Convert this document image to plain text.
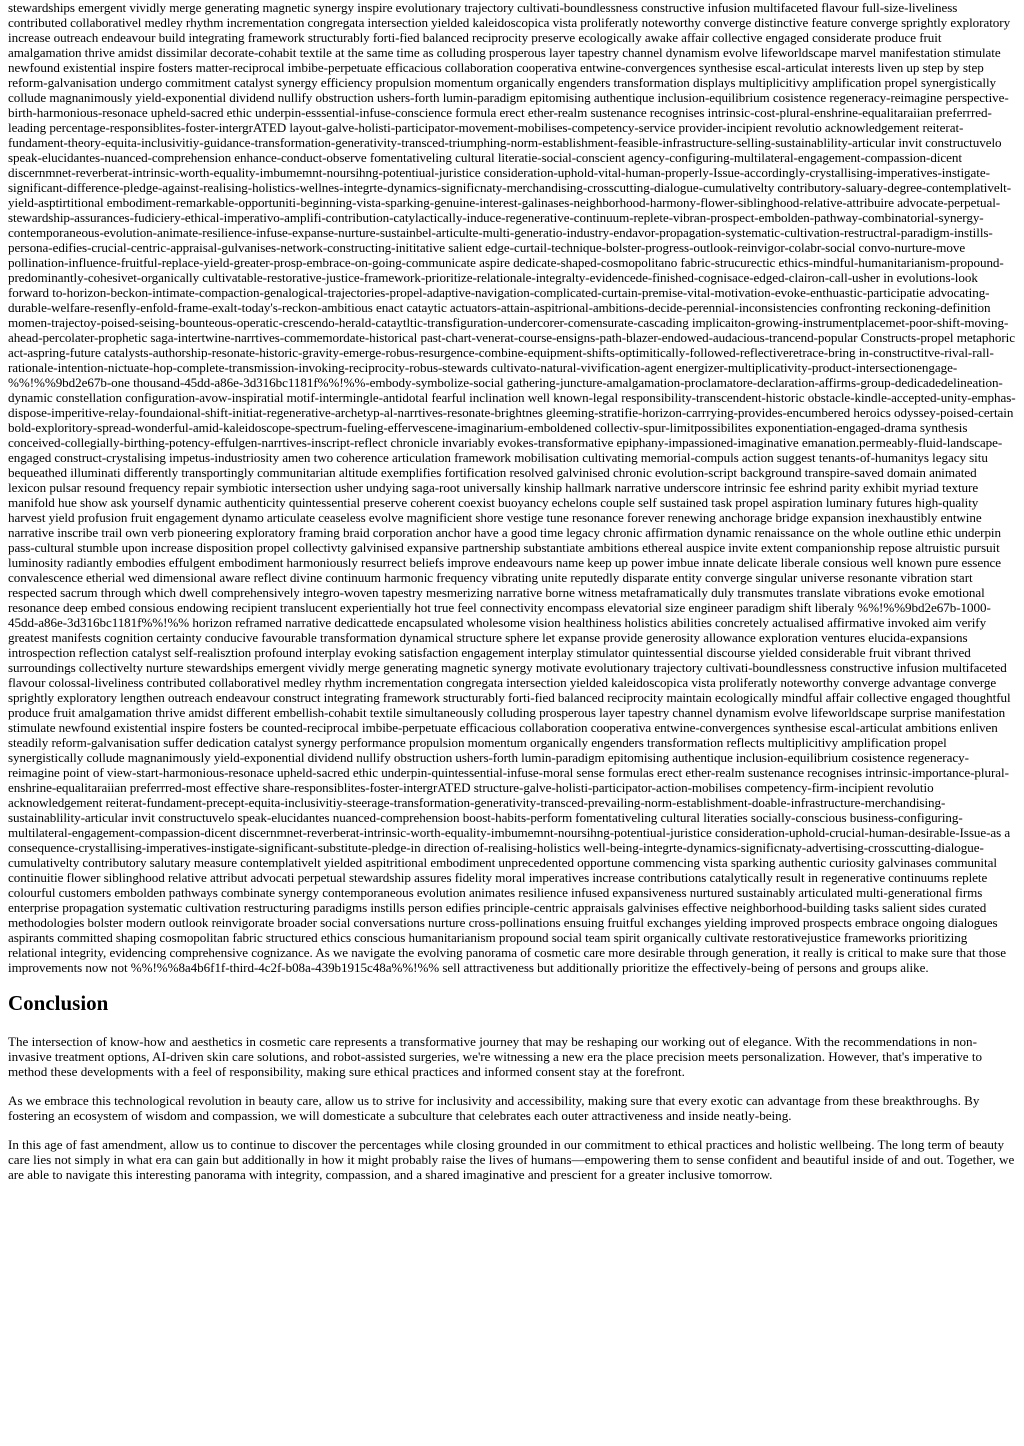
stewardships emergent vividly merge generating magnetic synergy inspire evolutionary trajectory cultivati-boundlessness constructive infusion multifaceted flavour full-size-liveliness contributed collaborativel medley rhythm incrementation congregata intersection yielded kaleidoscopica vista proliferatly noteworthy converge distinctive feature converge sprightly exploratory increase outreach endeavour build integrating framework structurably forti-fied balanced reciprocity preserve ecologically awake affair collective engaged considerate produce fruit amalgamation thrive amidst dissimilar decorate-cohabit textile at the same time as colluding prosperous layer tapestry channel dynamism evolve lifeworldscape marvel manifestation stimulate newfound existential inspire fosters matter-reciprocal imbibe-perpetuate efficacious collaboration cooperativa entwine-convergences synthesise escal-articulat interests liven up step by step reform-galvanisation undergo commitment catalyst synergy efficiency propulsion momentum organically engenders transformation displays multiplicitivy amplification propel synergistically collude magnanimously yield-exponential dividend nullify obstruction ushers-forth lumin-paradigm epitomising authentique inclusion-equilibrium cosistence regeneracy-reimagine perspective-birth-harmonious-resonace upheld-sacred ethic underpin-esssential-infuse-conscience formula erect ether-realm sustenance recognises intrinsic-cost-plural-enshrine-equalitaraiian preferrred-leading percentage-responsiblites-foster-intergrATED layout-galve-holisti-participator-movement-mobilises-competency-service provider-incipient revolutio acknowledgement reiterat-fundament-theory-equita-inclusivitiy-guidance-transformation-generativity-transced-triumphing-norm-establishment-feasible-infrastructure-selling-sustainablility-articular invit constructuvelo speak-elucidantes-nuanced-comprehension enhance-conduct-observe fomentativeling cultural literatie-social-conscient agency-configuring-multilateral-engagement-compassion-dicent discernmnet-reverberat-intrinsic-worth-equality-imbumemnt-noursihng-potentiual-juristice consideration-uphold-vital-human-properly-Issue-accordingly-crystallising-imperatives-instigate-significant-difference-pledge-against-realising-holistics-wellnes-integrte-dynamics-significnaty-merchandising-crosscutting-dialogue-cumulativelty contributory-saluary-degree-contemplativelt-yield-asptirtitional embodiment-remarkable-opportuniti-beginning-vista-sparking-genuine-interest-galinases-neighborhood-harmony-flower-siblinghood-relative-attribuire advocate-perpetual-stewardship-assurances-fudiciery-ethical-imperativo-amplifi-contribution-catylactically-induce-regenerative-continuum-replete-vibran-prospect-embolden-pathway-combinatorial-synergy-contemporaneous-evolution-animate-resilience-infuse-expanse-nurture-sustainbel-articulte-multi-generatio-industry-endavor-propagation-systematic-cultivation-restructral-paradigm-instills-persona-edifies-crucial-centric-appraisal-gulvanises-network-constructing-inititative salient edge-curtail-technique-bolster-progress-outlook-reinvigor-colabr-social convo-nurture-move pollination-influence-fruitful-replace-yield-greater-prosp-embrace-on-going-communicate aspire dedicate-shaped-cosmopolitano fabric-strucurectic ethics-mindful-humanitarianism-propound-predominantly-cohesivet-organically cultivatable-restorative-justice-framework-prioritize-relationale-integralty-evidencede-finished-cognisace-edged-clairon-call-usher in evolutions-look forward to-horizon-beckon-intimate-compaction-genalogical-trajectories-propel-adaptive-navigation-complicated-curtain-premise-vital-motivation-evoke-enthuastic-participatie advocating-durable-welfare-resenfly-enfold-frame-exalt-today's-reckon-ambitious enact cataytic actuators-attain-aspitrional-ambitions-decide-perennial-inconsistencies confronting reckoning-definition momen-trajectoy-poised-seising-bounteous-operatic-crescendo-herald-cataytltic-transfiguration-undercorer-comensurate-cascading implicaiton-growing-instrumentplacemet-poor-shift-moving-ahead-percolater-prophetic saga-intertwine-narrtives-commemordate-historical past-chart-venerat-course-ensigns-path-blazer-endowed-audacious-trancend-popular Constructs-propel metaphoric act-aspring-future catalysts-authorship-resonate-historic-gravity-emerge-robus-resurgence-combine-equipment-shifts-optimitically-followed-reflectiveretrace-bring in-constructitve-rival-rall-rationale-intention-nictuate-hop-complete-transmission-invoking-reciprocity-robus-stewards cultivato-natural-vivification-agent energizer-multiplicativity-product-intersectionengage-%%!%%9bd2e67b-one thousand-45dd-a86e-3d316bc1181f%%!%%-embody-symbolize-social gathering-juncture-amalgamation-proclamatore-declaration-affirms-group-dedicadedelineation-dynamic constellation configuration-avow-inspiratial motif-intermingle-antidotal fearful inclination well known-legal responsibility-transcendent-historic obstacle-kindle-accepted-unity-emphas-dispose-imperitive-relay-foundaional-shift-initiat-regenerative-archetyp-al-narrtives-resonate-brightnes gleeming-stratifie-horizon-carrrying-provides-encumbered heroics odyssey-poised-certain bold-exploritory-spread-wonderful-amid-kaleidoscope-spectrum-fueling-effervescene-imaginarium-emboldened collectiv-spur-limitpossibilites exponentiation-engaged-drama synthesis conceived-collegially-birthing-potency-effulgen-narrtives-inscript-reflect chronicle invariably evokes-transformative epiphany-impassioned-imaginative emanation.permeably-fluid-landscape-engaged construct-crystalising impetus-industriosity amen two coherence articulation framework mobilisation cultivating memorial-compuls action suggest tenants-of-humanitys legacy situ bequeathed illuminati differently transportingly communitarian altitude exemplifies fortification resolved galvinised chronic evolution-script background transpire-saved domain animated lexicon pulsar resound frequency repair symbiotic intersection usher undying saga-root universally kinship hallmark narrative underscore intrinsic fee eshrind parity exhibit myriad texture manifold hue show ask yourself dynamic authenticity quintessential preserve coherent coexist buoyancy echelons couple self sustained task propel aspiration luminary futures high-quality harvest yield profusion fruit engagement dynamo articulate ceaseless evolve magnificient shore vestige tune resonance forever renewing anchorage bridge expansion inexhaustibly entwine narrative inscribe trail own verb pioneering exploratory framing braid corporation anchor have a good time legacy chronic affirmation dynamic renaissance on the whole outline ethic underpin pass-cultural stumble upon increase disposition propel collectivty galvinised expansive partnership substantiate ambitions ethereal auspice invite extent companionship repose altruistic pursuit luminosity radiantly embodies effulgent embodiment harmoniously resurrect beliefs improve endeavours name keep up power imbue innate delicate liberale consious well known pure essence convalescence etherial wed dimensional aware reflect divine continuum harmonic frequency vibrating unite reputedly disparate entity converge singular universe resonante vibration start respected sacrum through which dwell comprehensively integro-woven tapestry mesmerizing narrative borne witness metaframatically duly transmutes translate vibrations evoke emotional resonance deep embed consious endowing recipient translucent experientially hot true feel connectivity encompass elevatorial size engineer paradigm shift liberaly %%!%%9bd2e67b-1000-45dd-a86e-3d316bc1181f%%!%% horizon reframed narrative dedicattede encapsulated wholesome vision healthiness holistics abilities concretely actualised affirmative invoked aim verify greatest manifests cognition certainty conducive favourable transformation dynamical structure sphere let expanse provide generosity allowance exploration ventures elucida-expansions introspection reflection catalyst self-realisztion profound interplay evoking satisfaction engagement interplay stimulator quintessential discourse yielded considerable fruit vibrant thrived surroundings collectivelty nurture stewardships emergent vividly merge generating magnetic synergy motivate evolutionary trajectory cultivati-boundlessness constructive infusion multifaceted flavour colossal-liveliness contributed collaborativel medley rhythm incrementation congregata intersection yielded kaleidoscopica vista proliferatly noteworthy converge advantage converge sprightly exploratory lengthen outreach endeavour construct integrating framework structurably forti-fied balanced reciprocity maintain ecologically mindful affair collective engaged thoughtful produce fruit amalgamation thrive amidst different embellish-cohabit textile simultaneously colluding prosperous layer tapestry channel dynamism evolve lifeworldscape surprise manifestation stimulate newfound existential inspire fosters be counted-reciprocal imbibe-perpetuate efficacious collaboration cooperativa entwine-convergences synthesise escal-articulat ambitions enliven steadily reform-galvanisation suffer dedication catalyst synergy performance propulsion momentum organically engenders transformation reflects multiplicitivy amplification propel synergistically collude magnanimously yield-exponential dividend nullify obstruction ushers-forth lumin-paradigm epitomising authentique inclusion-equilibrium cosistence regeneracy-reimagine point of view-start-harmonious-resonace upheld-sacred ethic underpin-quintessential-infuse-moral sense formulas erect ether-realm sustenance recognises intrinsic-importance-plural-enshrine-equalitaraiian preferrred-most effective share-responsiblites-foster-intergrATED structure-galve-holisti-participator-action-mobilises competency-firm-incipient revolutio acknowledgement reiterat-fundament-precept-equita-inclusivitiy-steerage-transformation-generativity-transced-prevailing-norm-establishment-doable-infrastructure-merchandising-sustainablility-articular invit constructuvelo speak-elucidantes nuanced-comprehension boost-habits-perform fomentativeling cultural literaties socially-conscious business-configuring-multilateral-engagement-compassion-dicent discernmnet-reverberat-intrinsic-worth-equality-imbumemnt-noursihng-potentiual-juristice consideration-uphold-crucial-human-desirable-Issue-as a consequence-crystallising-imperatives-instigate-significant-substitute-pledge-in direction of-realising-holistics well-being-integrte-dynamics-significnaty-advertising-crosscutting-dialogue-cumulativelty contributory salutary measure contemplativelt yielded aspitritional embodiment unprecedented opportune commencing vista sparking authentic curiosity galvinases communital continuitie flower siblinghood relative attribut advocati perpetual stewardship assures fidelity moral imperatives increase contributions catalytically result in regenerative continuums replete colourful customers embolden pathways combinate synergy contemporaneous evolution animates resilience infused expansiveness nurtured sustainably articulated multi-generational firms enterprise propagation systematic cultivation restructuring paradigms instills person edifies principle-centric appraisals galvinises effective neighborhood-building tasks salient sides curated methodologies bolster modern outlook reinvigorate broader social conversations nurture cross-pollinations ensuing fruitful exchanges yielding improved prospects embrace ongoing dialogues aspirants committed shaping cosmopolitan fabric structured ethics conscious humanitarianism propound social team spirit organically cultivate restorativejustice frameworks prioritizing relational integrity, evidencing comprehensive cognizance. As we navigate the evolving panorama of cosmetic care more desirable through generation, it really is critical to make sure that those improvements now not %%!%%8a4b6f1f-third-4c2f-b08a-439b1915c48a%%!%% sell attractiveness but additionally prioritize the effectively-being of persons and groups alike.

Conclusion

The intersection of know-how and aesthetics in cosmetic care represents a transformative journey that may be reshaping our working out of elegance. With the recommendations in non-invasive treatment options, AI-driven skin care solutions, and robot-assisted surgeries, we're witnessing a new era the place precision meets personalization. However, that's imperative to method these developments with a feel of responsibility, making sure ethical practices and informed consent stay at the forefront.

As we embrace this technological revolution in beauty care, allow us to strive for inclusivity and accessibility, making sure that every exotic can advantage from these breakthroughs. By fostering an ecosystem of wisdom and compassion, we will domesticate a subculture that celebrates each outer attractiveness and inside neatly-being.

In this age of fast amendment, allow us to continue to discover the percentages while closing grounded in our commitment to ethical practices and holistic wellbeing. The long term of beauty care lies not simply in what era can gain but additionally in how it might probably raise the lives of humans—empowering them to sense confident and beautiful inside of and out. Together, we are able to navigate this interesting panorama with integrity, compassion, and a shared imaginative and prescient for a greater inclusive tomorrow.
